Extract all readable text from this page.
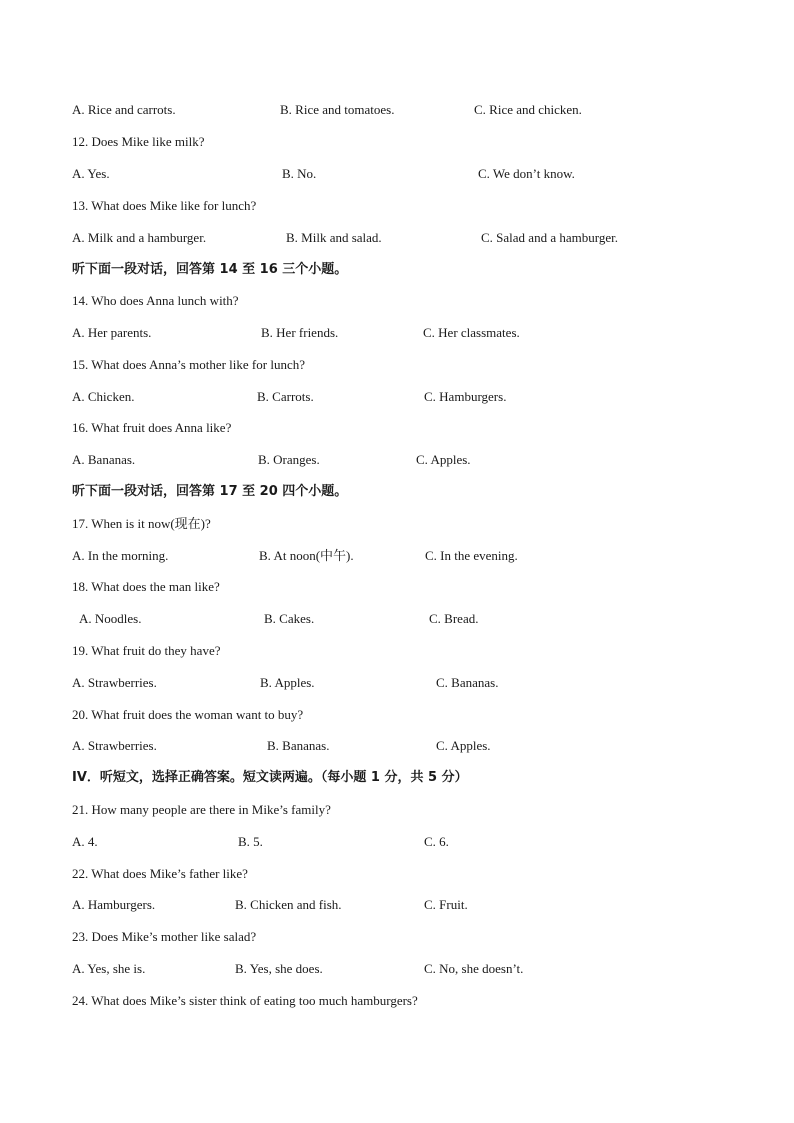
A. Rice and carrots.	B. Rice and tomatoes.	C. Rice and chicken.
12. Does Mike like milk?
A. Yes.	B. No.	C. We don’t know.
13. What does Mike like for lunch?
A. Milk and a hamburger.	B. Milk and salad.	C. Salad and a hamburger.
听下面一段对话，回答第 14 至 16 三个小题。
14. Who does Anna lunch with?
A. Her parents.	B. Her friends.	C. Her classmates.
15. What does Anna’s mother like for lunch?
A. Chicken.	B. Carrots.	C. Hamburgers.
16. What fruit does Anna like?
A. Bananas.	B. Oranges.	C. Apples.
听下面一段对话，回答第 17 至 20 四个小题。
17. When is it now(现在)?
A. In the morning.	B. At noon(中午).	C. In the evening.
18. What does the man like?
A. Noodles.	B. Cakes.	C. Bread.
19. What fruit do they have?
A. Strawberries.	B. Apples.	C. Bananas.
20. What fruit does the woman want to buy?
A. Strawberries.	B. Bananas.	C. Apples.
IV．听短文，选择正确答案。短文读两遍。（每小题 1 分，共 5 分）
21. How many people are there in Mike’s family?
A. 4.	B. 5.	C. 6.
22. What does Mike’s father like?
A. Hamburgers.	B. Chicken and fish.	C. Fruit.
23. Does Mike’s mother like salad?
A. Yes, she is.	B. Yes, she does.	C. No, she doesn’t.
24. What does Mike’s sister think of eating too much hamburgers?
